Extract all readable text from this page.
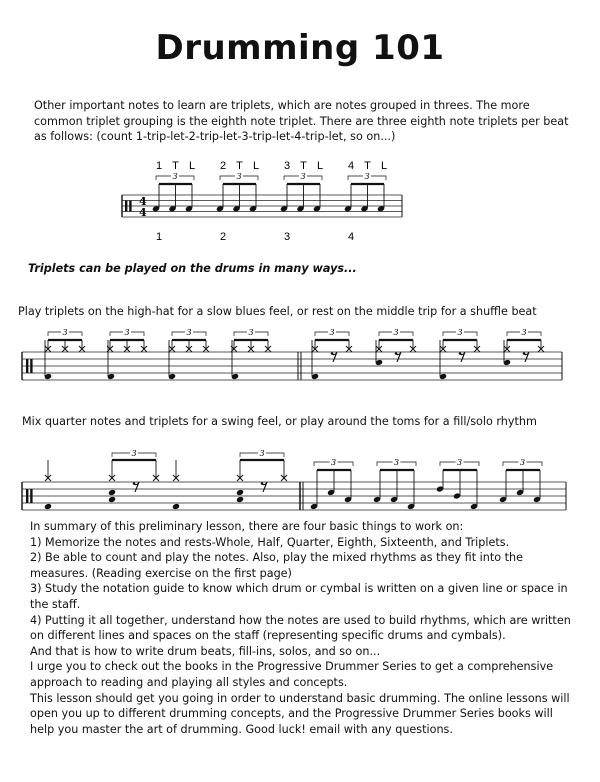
Drumming 101
Other important notes to learn are triplets, which are notes grouped in threes. The more common triplet grouping is the eighth note triplet. There are three eighth note triplets per beat as follows: (count 1-trip-let-2-trip-let-3-trip-let-4-trip-let, so on...)
4
4
3
1 T L
1
3
2 T L
2
3
3 T L
3
3
4 T L
4
3	3	3	3	3	3	3	3
3	3
3	3	3	3
Triplets can be played on the drums in many ways...
Play triplets on the high-hat for a slow blues feel, or rest on the middle trip for a shuffle beat
Mix quarter notes and triplets for a swing feel, or play around the toms for a fill/solo rhythm
In summary of this preliminary lesson, there are four basic things to work on:
1) Memorize the notes and rests-Whole, Half, Quarter, Eighth, Sixteenth, and Triplets.
2) Be able to count and play the notes. Also, play the mixed rhythms as they fit into the measures. (Reading exercise on the first page)
3) Study the notation guide to know which drum or cymbal is written on a given line or space in the staff.
4) Putting it all together, understand how the notes are used to build rhythms, which are written on different lines and spaces on the staff (representing specific drums and cymbals).
And that is how to write drum beats, fill-ins, solos, and so on...
I urge you to check out the books in the Progressive Drummer Series to get a comprehensive approach to reading and playing all styles and concepts.
This lesson should get you going in order to understand basic drumming. The online lessons will open you up to different drumming concepts, and the Progressive Drummer Series books will help you master the art of drumming. Good luck! email with any questions.
